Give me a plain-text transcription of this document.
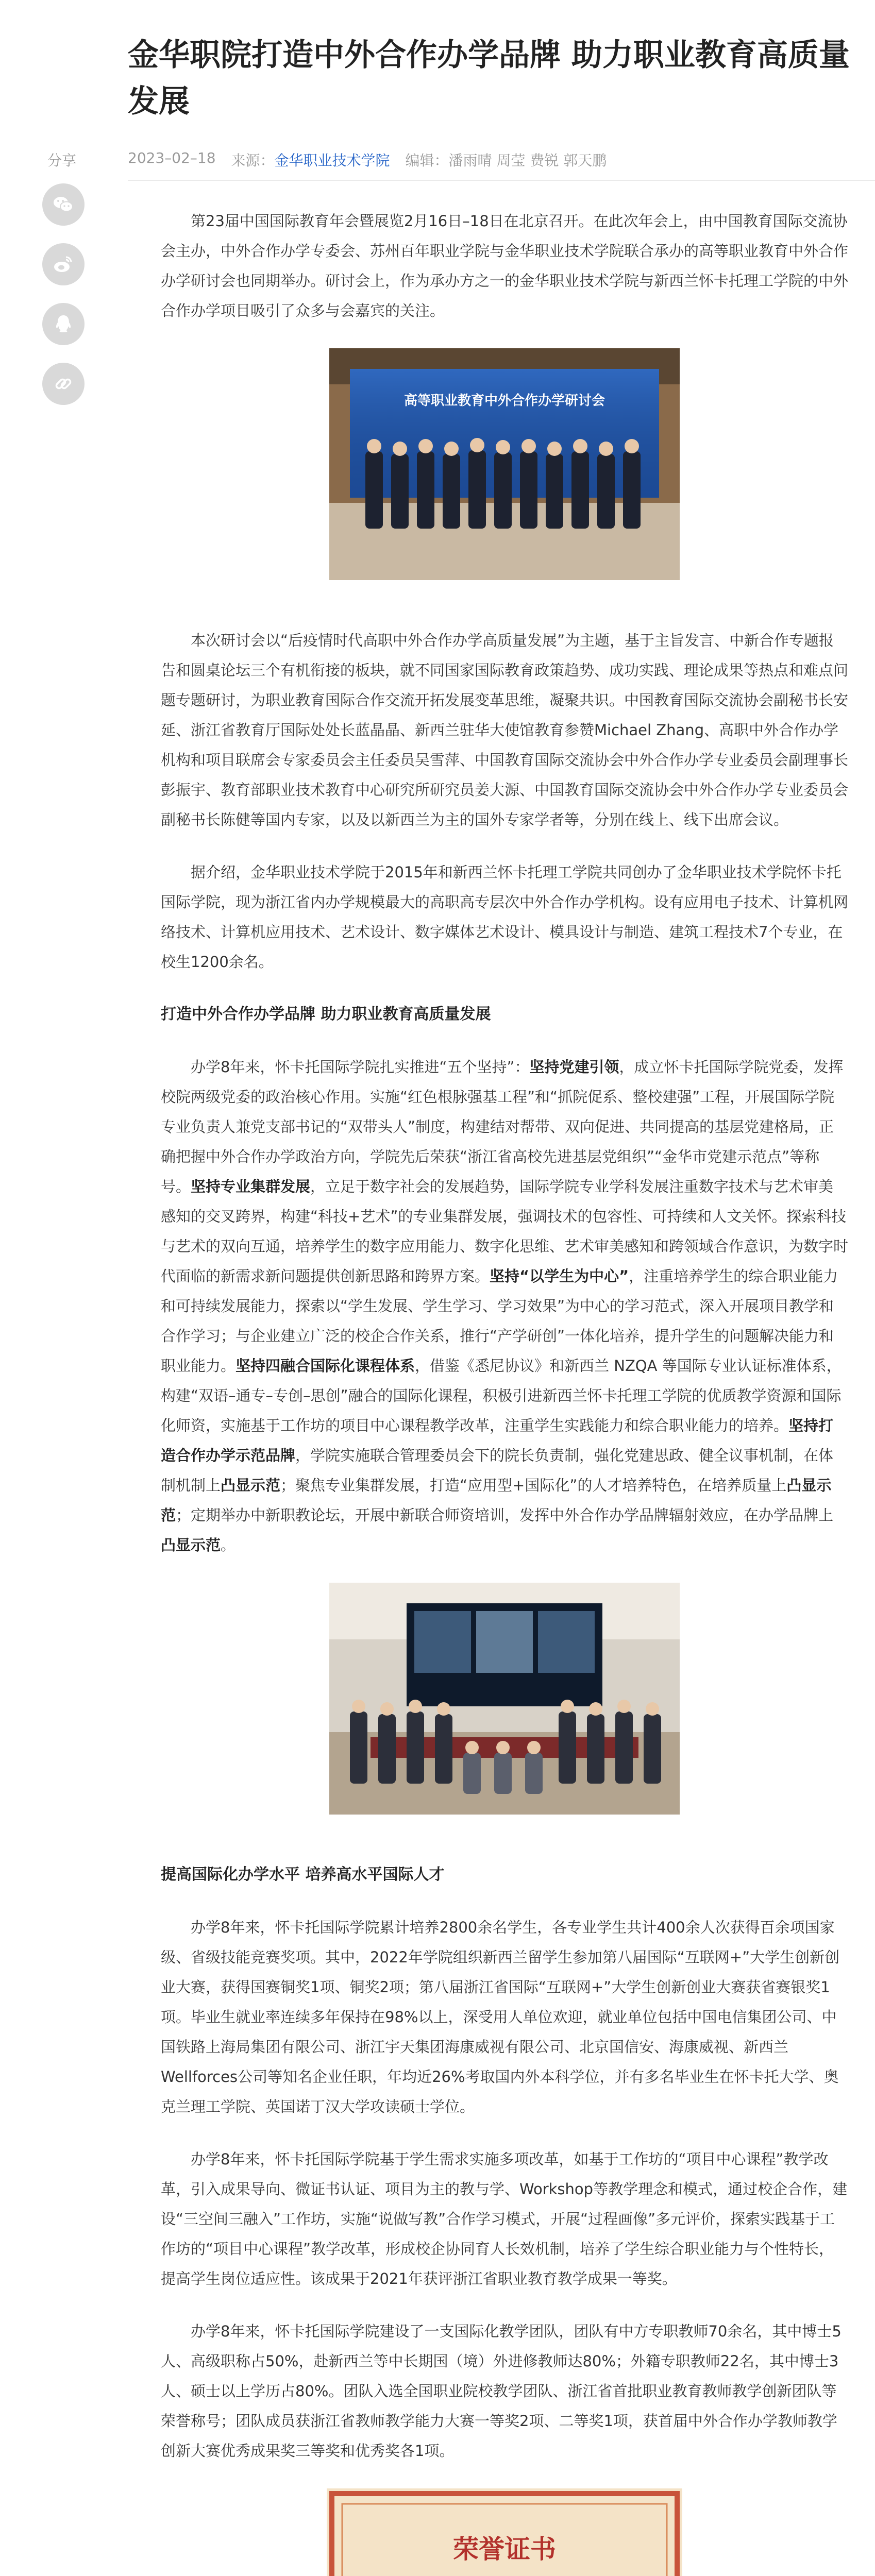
金华职院打造中外合作办学品牌 助力职业教育高质量发展
分享	2023–02–18 来源：金华职业技术学院 编辑：潘雨晴 周莹 费锐 郭天鹏

第23届中国国际教育年会暨展览2月16日–18日在北京召开。在此次年会上，由中国教育国际交流协会主办，中外合作办学专委会、苏州百年职业学院与金华职业技术学院联合承办的高等职业教育中外合作办学研讨会也同期举办。研讨会上，作为承办方之一的金华职业技术学院与新西兰怀卡托理工学院的中外合作办学项目吸引了众多与会嘉宾的关注。

高等职业教育中外合作办学研讨会

本次研讨会以“后疫情时代高职中外合作办学高质量发展”为主题，基于主旨发言、中新合作专题报告和圆桌论坛三个有机衔接的板块，就不同国家国际教育政策趋势、成功实践、理论成果等热点和难点问题专题研讨，为职业教育国际合作交流开拓发展变革思维，凝聚共识。中国教育国际交流协会副秘书长安延、浙江省教育厅国际处处长蓝晶晶、新西兰驻华大使馆教育参赞Michael Zhang、高职中外合作办学机构和项目联席会专家委员会主任委员吴雪萍、中国教育国际交流协会中外合作办学专业委员会副理事长彭振宇、教育部职业技术教育中心研究所研究员姜大源、中国教育国际交流协会中外合作办学专业委员会副秘书长陈健等国内专家，以及以新西兰为主的国外专家学者等，分别在线上、线下出席会议。

据介绍，金华职业技术学院于2015年和新西兰怀卡托理工学院共同创办了金华职业技术学院怀卡托国际学院，现为浙江省内办学规模最大的高职高专层次中外合作办学机构。设有应用电子技术、计算机网络技术、计算机应用技术、艺术设计、数字媒体艺术设计、模具设计与制造、建筑工程技术7个专业，在校生1200余名。

打造中外合作办学品牌 助力职业教育高质量发展

办学8年来，怀卡托国际学院扎实推进“五个坚持”：坚持党建引领，成立怀卡托国际学院党委，发挥校院两级党委的政治核心作用。实施“红色根脉强基工程”和“抓院促系、整校建强”工程，开展国际学院专业负责人兼党支部书记的“双带头人”制度，构建结对帮带、双向促进、共同提高的基层党建格局，正确把握中外合作办学政治方向，学院先后荣获“浙江省高校先进基层党组织”“金华市党建示范点”等称号。坚持专业集群发展，立足于数字社会的发展趋势，国际学院专业学科发展注重数字技术与艺术审美感知的交叉跨界，构建“科技+艺术”的专业集群发展，强调技术的包容性、可持续和人文关怀。探索科技与艺术的双向互通，培养学生的数字应用能力、数字化思维、艺术审美感知和跨领域合作意识，为数字时代面临的新需求新问题提供创新思路和跨界方案。坚持“以学生为中心”，注重培养学生的综合职业能力和可持续发展能力，探索以“学生发展、学生学习、学习效果”为中心的学习范式，深入开展项目教学和合作学习；与企业建立广泛的校企合作关系，推行“产学研创”一体化培养，提升学生的问题解决能力和职业能力。坚持四融合国际化课程体系，借鉴《悉尼协议》和新西兰 NZQA 等国际专业认证标准体系，构建“双语–通专–专创–思创”融合的国际化课程，积极引进新西兰怀卡托理工学院的优质教学资源和国际化师资，实施基于工作坊的项目中心课程教学改革，注重学生实践能力和综合职业能力的培养。坚持打造合作办学示范品牌，学院实施联合管理委员会下的院长负责制，强化党建思政、健全议事机制，在体制机制上凸显示范；聚焦专业集群发展，打造“应用型+国际化”的人才培养特色，在培养质量上凸显示范；定期举办中新职教论坛，开展中新联合师资培训，发挥中外合作办学品牌辐射效应，在办学品牌上凸显示范。

提高国际化办学水平 培养高水平国际人才

办学8年来，怀卡托国际学院累计培养2800余名学生，各专业学生共计400余人次获得百余项国家级、省级技能竞赛奖项。其中，2022年学院组织新西兰留学生参加第八届国际“互联网+”大学生创新创业大赛，获得国赛铜奖1项、铜奖2项；第八届浙江省国际“互联网+”大学生创新创业大赛获省赛银奖1项。毕业生就业率连续多年保持在98%以上，深受用人单位欢迎，就业单位包括中国电信集团公司、中国铁路上海局集团有限公司、浙江宇天集团海康威视有限公司、北京国信安、海康威视、新西兰Wellforces公司等知名企业任职，年均近26%考取国内外本科学位，并有多名毕业生在怀卡托大学、奥克兰理工学院、英国诺丁汉大学攻读硕士学位。

办学8年来，怀卡托国际学院基于学生需求实施多项改革，如基于工作坊的“项目中心课程”教学改革，引入成果导向、微证书认证、项目为主的教与学、Workshop等教学理念和模式，通过校企合作，建设“三空间三融入”工作坊，实施“说做写教”合作学习模式，开展“过程画像”多元评价，探索实践基于工作坊的“项目中心课程”教学改革，形成校企协同育人长效机制，培养了学生综合职业能力与个性特长，提高学生岗位适应性。该成果于2021年获评浙江省职业教育教学成果一等奖。

办学8年来，怀卡托国际学院建设了一支国际化教学团队，团队有中方专职教师70余名，其中博士5人、高级职称占50%，赴新西兰等中长期国（境）外进修教师达80%；外籍专职教师22名，其中博士3人、硕士以上学历占80%。团队入选全国职业院校教学团队、浙江省首批职业教育教师教学创新团队等荣誉称号；团队成员获浙江省教师教学能力大赛一等奖2项、二等奖1项，获首届中外合作办学教师教学创新大赛优秀成果奖三等奖和优秀奖各1项。

荣誉证书
